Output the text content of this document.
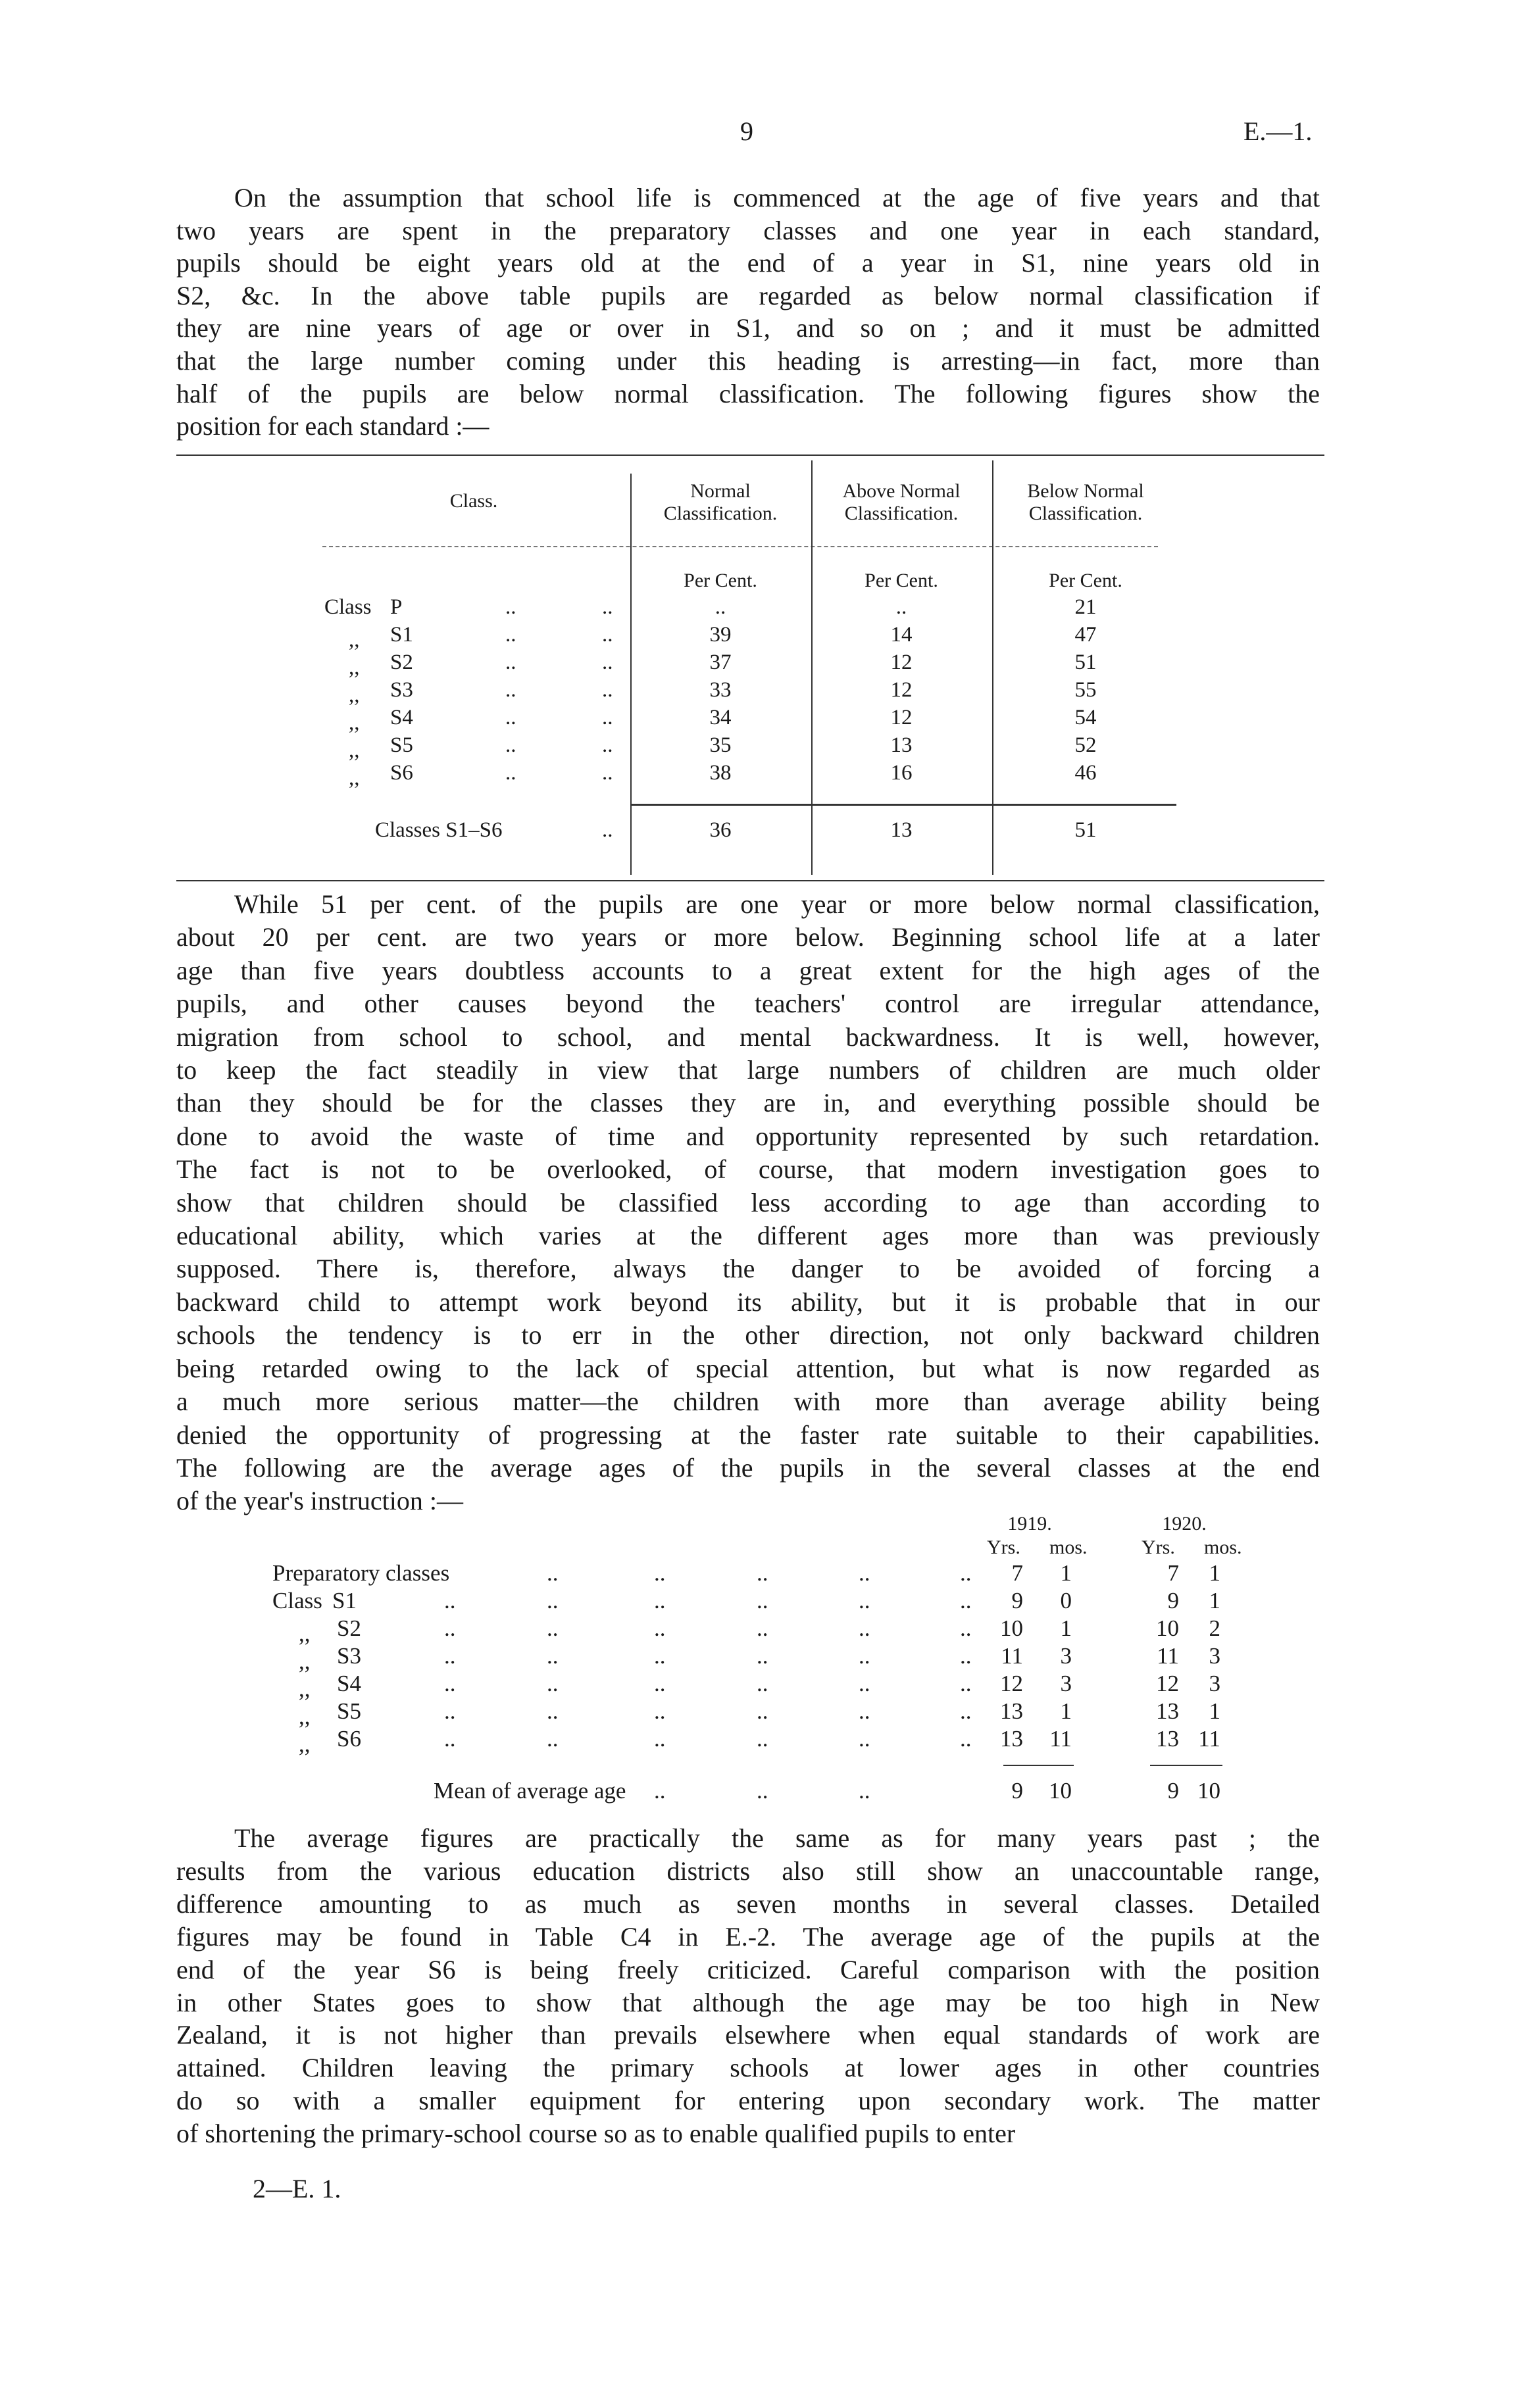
9	E.—1.
On the assumption that school life is commenced at the age of five years and that
two years are spent in the preparatory classes and one year in each standard,
pupils should be eight years old at the end of a year in S1, nine years old in
S2, &c. In the above table pupils are regarded as below normal classification if
they are nine years of age or over in S1, and so on ; and it must be admitted
that the large number coming under this heading is arresting—in fact, more than
half of the pupils are below normal classification. The following figures show the
position for each standard :—
Class.	Normal
Classification.
Above Normal
Classification.
Below Normal
Classification.
Per Cent.	Per Cent.	Per Cent.
Class P	..	..	..	..	21
,, S1	..	..	39	14	47
,, S2	..	..	37	12	51
,, S3	..	..	33	12	55
,, S4	..	..	34	12	54
,, S5	..	..	35	13	52
,, S6	..	..	38	16	46
Classes S1–S6	..	36	13	51
While 51 per cent. of the pupils are one year or more below normal classification,
about 20 per cent. are two years or more below. Beginning school life at a later
age than five years doubtless accounts to a great extent for the high ages of the
pupils, and other causes beyond the teachers' control are irregular attendance,
migration from school to school, and mental backwardness. It is well, however,
to keep the fact steadily in view that large numbers of children are much older
than they should be for the classes they are in, and everything possible should be
done to avoid the waste of time and opportunity represented by such retardation.
The fact is not to be overlooked, of course, that modern investigation goes to
show that children should be classified less according to age than according to
educational ability, which varies at the different ages more than was previously
supposed. There is, therefore, always the danger to be avoided of forcing a
backward child to attempt work beyond its ability, but it is probable that in our
schools the tendency is to err in the other direction, not only backward children
being retarded owing to the lack of special attention, but what is now regarded as
a much more serious matter—the children with more than average ability being
denied the opportunity of progressing at the faster rate suitable to their capabilities.
The following are the average ages of the pupils in the several classes at the end
of the year's instruction :—
1919.	1920.
Yrs. mos.	Yrs. mos.
Preparatory classes	..	..	..	..	.. 7 1	7 1
Class S1	..	..	..	..	..	.. 9 0	9 1
,, S2	..	..	..	..	..	.. 10 1	10 2
,, S3	..	..	..	..	..	.. 11 3	11 3
,, S4	..	..	..	..	..	.. 12 3	12 3
,, S5	..	..	..	..	..	.. 13 1	13 1
,, S6	..	..	..	..	..	.. 13 11	13 11
Mean of average age ..	..	..	9 10	9 10
The average figures are practically the same as for many years past ; the
results from the various education districts also still show an unaccountable range,
difference amounting to as much as seven months in several classes. Detailed
figures may be found in Table C4 in E.-2. The average age of the pupils at the
end of the year S6 is being freely criticized. Careful comparison with the position
in other States goes to show that although the age may be too high in New
Zealand, it is not higher than prevails elsewhere when equal standards of work are
attained. Children leaving the primary schools at lower ages in other countries
do so with a smaller equipment for entering upon secondary work. The matter
of shortening the primary-school course so as to enable qualified pupils to enter
2—E. 1.
